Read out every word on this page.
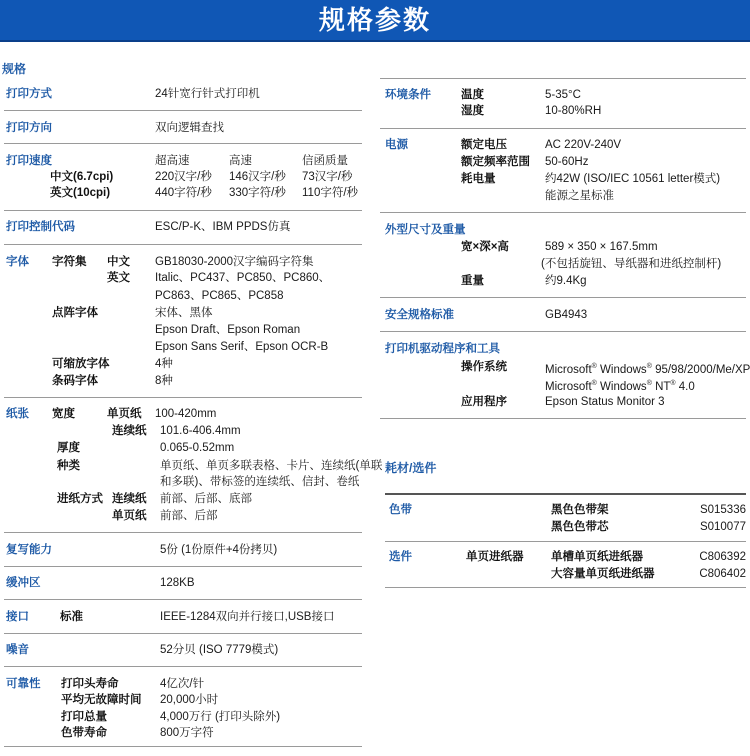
规格参数
规格
打印方式	24针宽行针式打印机
打印方向	双向逻辑查找
打印速度	超高速	高速	信函质量
中文(6.7cpi)	220汉字/秒 146汉字/秒 73汉字/秒
英文(10cpi)	440字符/秒 330字符/秒 110字符/秒
打印控制代码	ESC/P-K、IBM PPDS仿真
字体 字符集 中文 GB18030-2000汉字编码字符集
英文 Italic、PC437、PC850、PC860、
PC863、PC865、PC858
点阵字体	宋体、黑体
Epson Draft、Epson Roman
Epson Sans Serif、Epson OCR-B
可缩放字体	4种
条码字体	8种
纸张 宽度	单页纸 100-420mm
连续纸 101.6-406.4mm
厚度	0.065-0.52mm
种类	单页纸、单页多联表格、卡片、连续纸(单联
和多联)、带标签的连续纸、信封、卷纸
进纸方式 连续纸 前部、后部、底部
单页纸 前部、后部
复写能力	5份 (1份原件+4份拷贝)
缓冲区	128KB
接口	标准	IEEE-1284双向并行接口,USB接口
噪音	52分贝 (ISO 7779模式)
可靠性 打印头寿命	4亿次/针
平均无故障时间 20,000小时
打印总量	4,000万行 (打印头除外)
色带寿命	800万字符
环境条件	温度	5-35°C
湿度	10-80%RH
电源	额定电压	AC 220V-240V
额定频率范围 50-60Hz
耗电量	约42W (ISO/IEC 10561 letter模式)
能源之星标准
外型尺寸及重量
宽×深×高	589 × 350 × 167.5mm
(不包括旋钮、导纸器和进纸控制杆)
重量	约9.4Kg
安全规格标准	GB4943
打印机驱动程序和工具
操作系统	Microsoft® Windows® 95/98/2000/Me/XP
Microsoft® Windows® NT® 4.0
应用程序	Epson Status Monitor 3
耗材/选件
色带	黑色色带架	S015336
黑色色带芯	S010077
选件	单页进纸器 单槽单页纸进纸器	C806392
大容量单页纸进纸器	C806402
